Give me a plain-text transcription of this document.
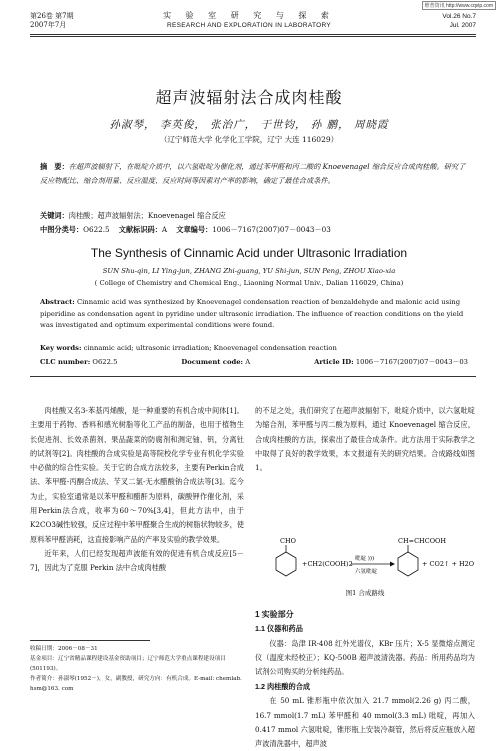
维普资讯 http://www.cqvip.com
第26卷 第7期
2007年7月
实 验 室 研 究 与 探 索
RESEARCH AND EXPLORATION IN LABORATORY
Vol.26 No.7
Jul. 2007
超声波辐射法合成肉桂酸
孙淑琴， 李英俊， 张治广， 于世钧， 孙 鹏， 周晓霞
（辽宁师范大学 化学化工学院，辽宁 大连 116029）
摘　要：在超声波辐射下，在吡啶介质中，以六氢吡啶为催化剂，通过苯甲醛和丙二酸的 Knoevenagel 缩合反应合成肉桂酸。研究了反应物配比、缩合剂用量、反应温度、反应时间等因素对产率的影响，确定了最佳合成条件。
关键词：肉桂酸；超声波辐射法；Knoevenagel 缩合反应
中图分类号：O622.5 文献标识码：A 文章编号：1006－7167(2007)07－0043－03
The Synthesis of Cinnamic Acid under Ultrasonic Irradiation
SUN Shu-qin, LI Ying-jun, ZHANG Zhi-guang, YU Shi-jun, SUN Peng, ZHOU Xiao-xia
( College of Chemistry and Chemical Eng., Liaoning Normal Univ., Dalian 116029, China)
Abstract: Cinnamic acid was synthesized by Knoevenagel condensation reaction of benzaldehyde and malonic acid using piperidine as condensation agent in pyridine under ultrasonic irradiation. The influence of reaction conditions on the yield was investigated and optimum experimental conditions were found.
Key words: cinnamic acid; ultrasonic irradiation; Knoevenagel condensation reaction
CLC number: O622.5	Document code: A	Article ID: 1006－7167(2007)07－0043－03
肉桂酸又名3-苯基丙烯酸，是一种重要的有机合成中间体[1]。主要用于药物、香料和感光树脂等化工产品的制备，也用于植物生长促进剂、长效杀菌剂、果品蔬菜的防腐剂和测定铀、钒，分离钍的试剂等[2]。肉桂酸的合成实验是高等院校化学专业有机化学实验中必做的综合性实验。关于它的合成方法较多，主要有Perkin合成法、苯甲醛-丙酮合成法、苄叉二氯-无水醋酸钠合成法等[3]。迄今为止，实验室通常是以苯甲醛和醋酐为原料，碳酸钾作催化剂，采用Perkin法合成，收率为60～70%[3,4]，但此方法中，由于K2CO3碱性较强，反应过程中苯甲醛聚合生成的树脂状物较多，使原料苯甲醛消耗，这直接影响产品的产率及实验的教学效果。
近年来，人们已经发现超声波能有效的促进有机合成反应[5－7]，因此为了克服 Perkin 法中合成肉桂酸
收稿日期：2006－08－31
基金项目：辽宁省精品课程建设基金资助项目；辽宁师范大学重点课程建设项目(501193)。
作者简介：孙淑琴(1952－)，女，副教授，研究方向：有机合成。E-mail: chemlab. hsm@163. com
的不足之处，我们研究了在超声波辐射下，吡啶介质中，以六氢吡啶为缩合剂，苯甲醛与丙二酸为原料，通过 Knoevenagel 缩合反应，合成肉桂酸的方法，探索出了最佳合成条件。此方法用于实际教学之中取得了良好的教学效果，本文报道有关的研究结果。合成路线如图1。
CHO
+CH2(COOH)2
吡啶 )))
六氢吡啶
CH=CHCOOH
+ CO2↑ + H2O
图1 合成路线
1 实验部分
1.1 仪器和药品
仪器：岛津 IR-408 红外光谱仪，KBr 压片；X-5 显微熔点测定仪（温度未经校正）；KQ-500B 超声波清洗器。药品：所用药品均为试剂公司购买的分析纯药品。
1.2 肉桂酸的合成
在 50 mL 锥形瓶中依次加入 21.7 mmol(2.26 g) 丙二酸，16.7 mmol(1.7 mL) 苯甲醛和 40 mmol(3.3 mL) 吡啶，再加入 0.417 mmol 六氢吡啶，锥形瓶上安装冷凝管，然后将反应瓶放入超声波清洗器中，超声波
